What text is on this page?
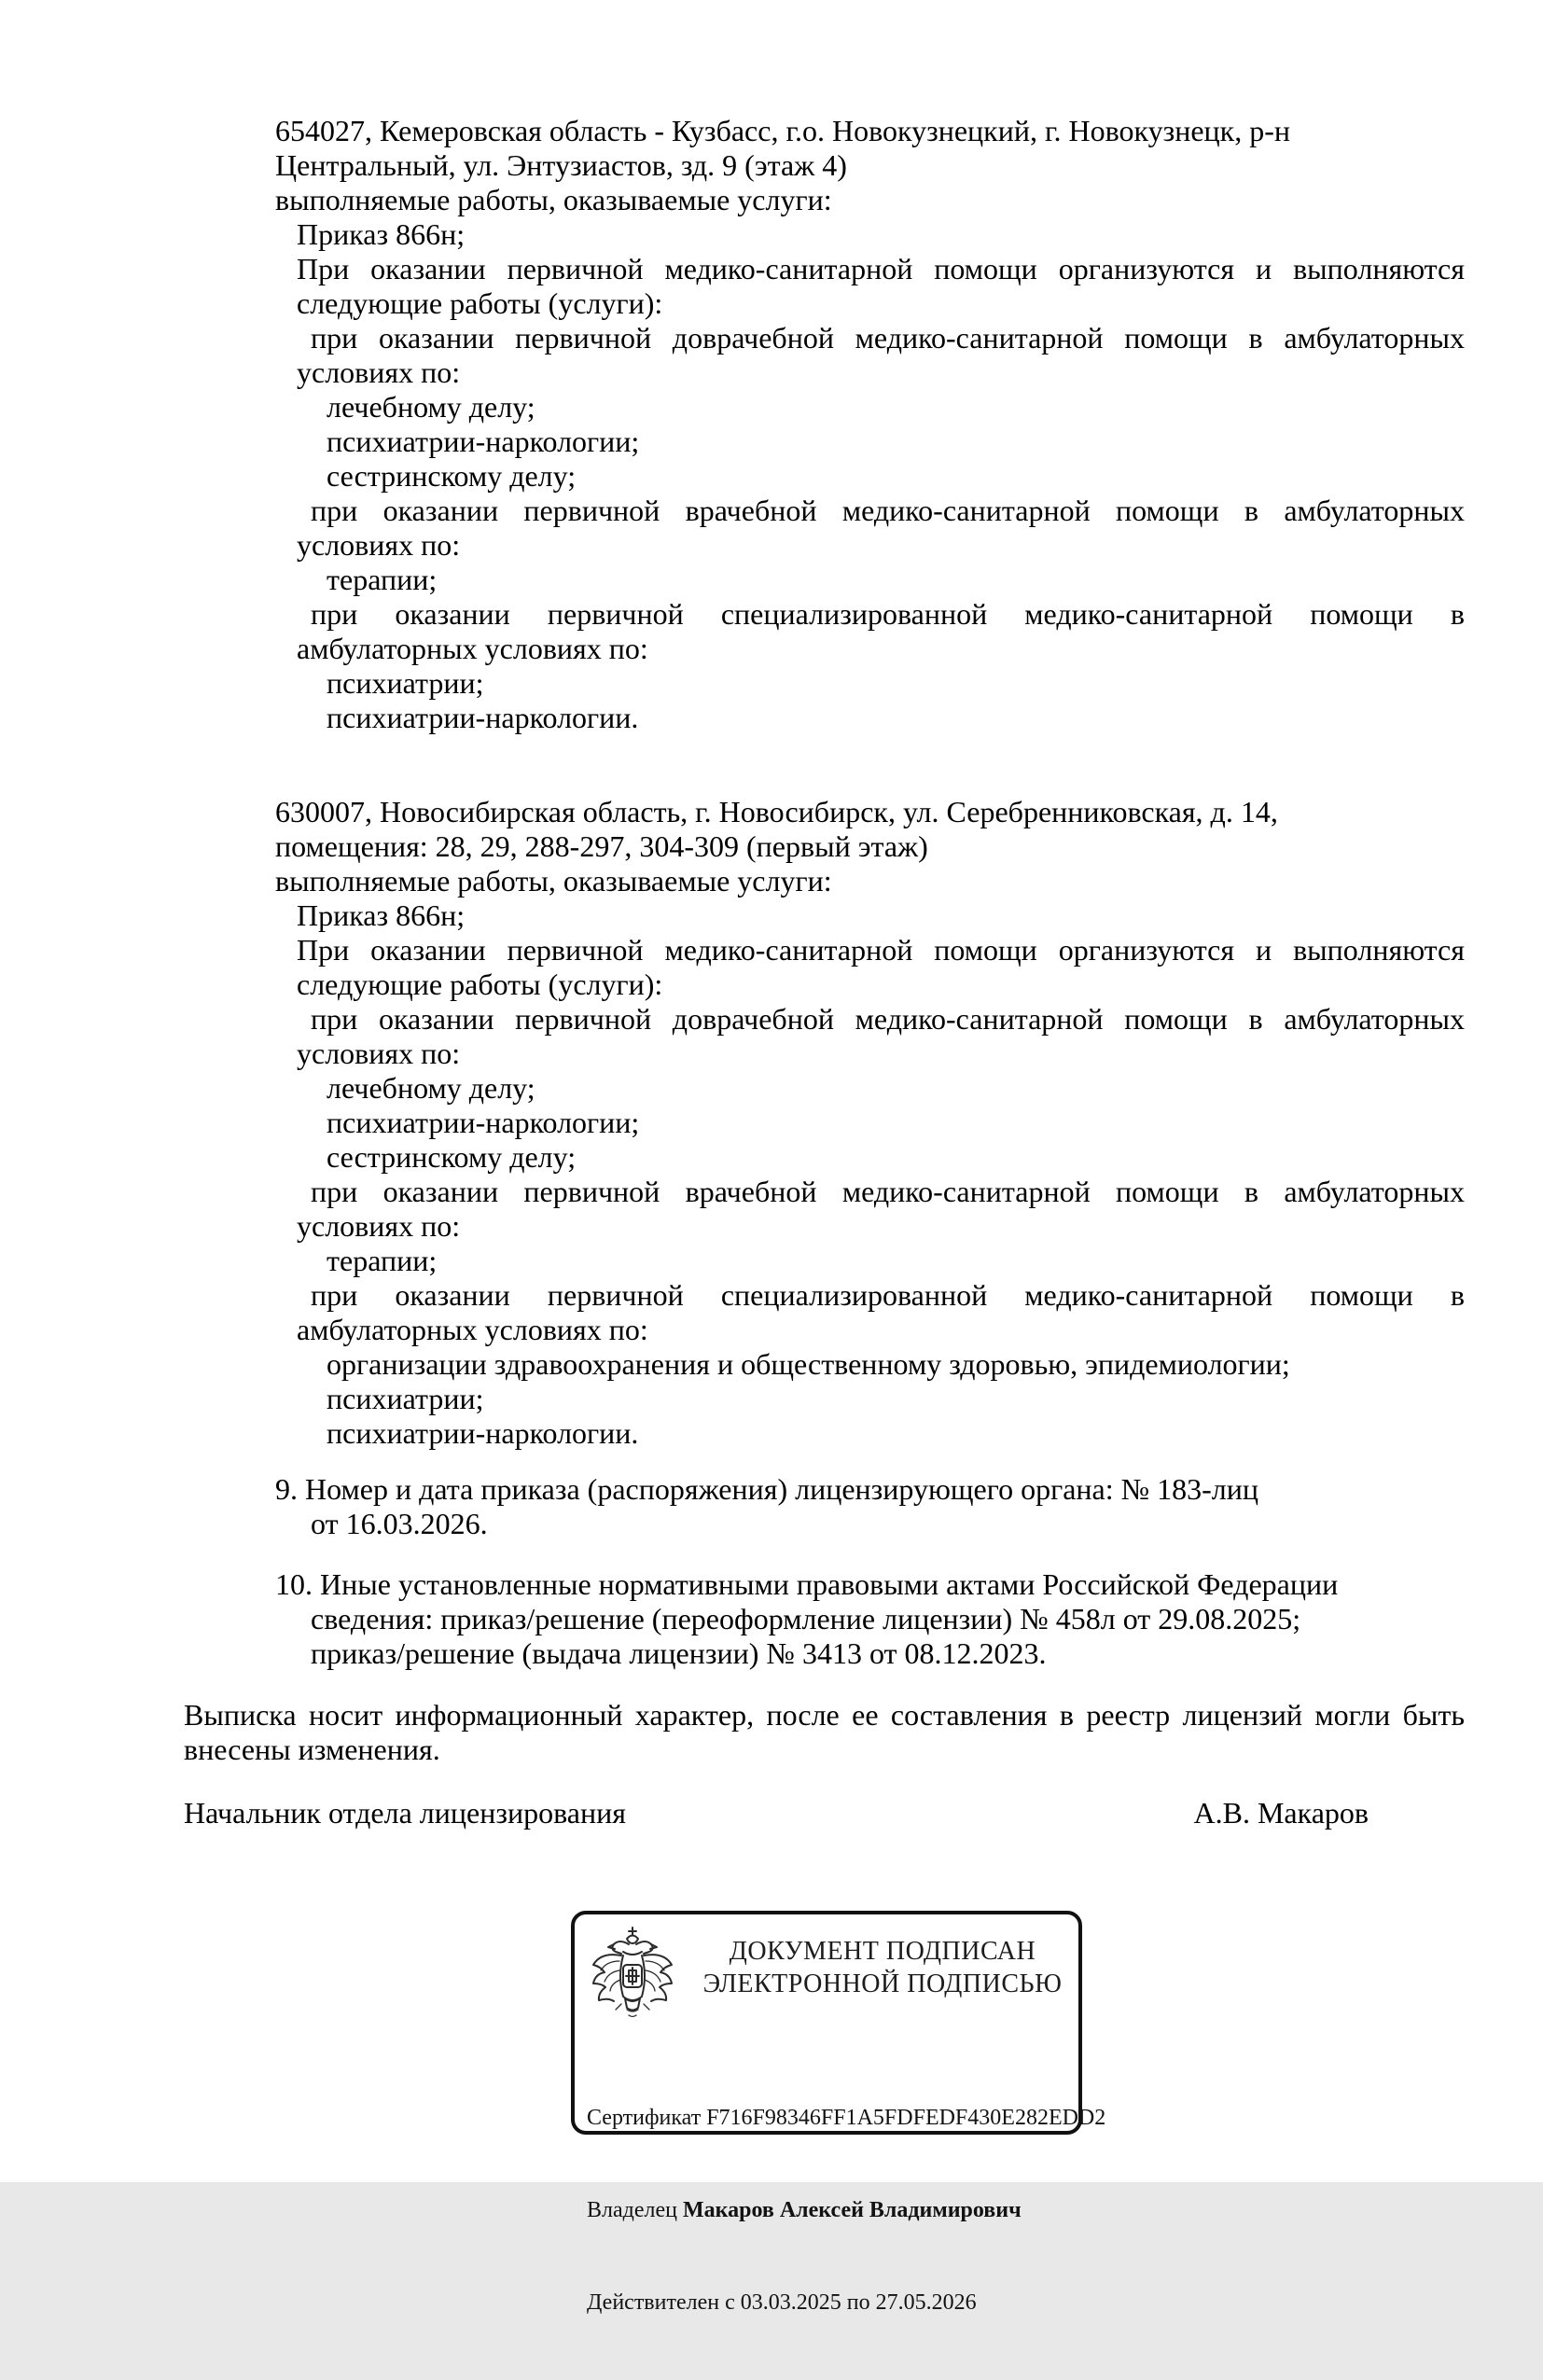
654027, Кемеровская область - Кузбасс, г.о. Новокузнецкий, г. Новокузнецк, р-н
Центральный, ул. Энтузиастов, зд. 9 (этаж 4)
выполняемые работы, оказываемые услуги:
Приказ 866н;
При оказании первичной медико-санитарной помощи организуются и выполняются
следующие работы (услуги):
при оказании первичной доврачебной медико-санитарной помощи в амбулаторных
условиях по:
лечебному делу;
психиатрии-наркологии;
сестринскому делу;
при оказании первичной врачебной медико-санитарной помощи в амбулаторных
условиях по:
терапии;
при оказании первичной специализированной медико-санитарной помощи в
амбулаторных условиях по:
психиатрии;
психиатрии-наркологии.
630007, Новосибирская область, г. Новосибирск, ул. Серебренниковская, д. 14,
помещения: 28, 29, 288-297, 304-309 (первый этаж)
выполняемые работы, оказываемые услуги:
Приказ 866н;
При оказании первичной медико-санитарной помощи организуются и выполняются
следующие работы (услуги):
при оказании первичной доврачебной медико-санитарной помощи в амбулаторных
условиях по:
лечебному делу;
психиатрии-наркологии;
сестринскому делу;
при оказании первичной врачебной медико-санитарной помощи в амбулаторных
условиях по:
терапии;
при оказании первичной специализированной медико-санитарной помощи в
амбулаторных условиях по:
организации здравоохранения и общественному здоровью, эпидемиологии;
психиатрии;
психиатрии-наркологии.
9. Номер и дата приказа (распоряжения) лицензирующего органа: № 183-лиц
от 16.03.2026.
10. Иные установленные нормативными правовыми актами Российской Федерации
сведения: приказ/решение (переоформление лицензии) № 458л от 29.08.2025;
приказ/решение (выдача лицензии) № 3413 от 08.12.2023.
Выписка носит информационный характер, после ее составления в реестр лицензий могли быть
внесены изменения.
Начальник отдела лицензирования	А.В. Макаров
ДОКУМЕНТ ПОДПИСАН
ЭЛЕКТРОННОЙ ПОДПИСЬЮ

Сертификат F716F98346FF1A5FDFEDF430E282EDD2

Владелец Макаров Алексей Владимирович

Действителен с 03.03.2025 по 27.05.2026
